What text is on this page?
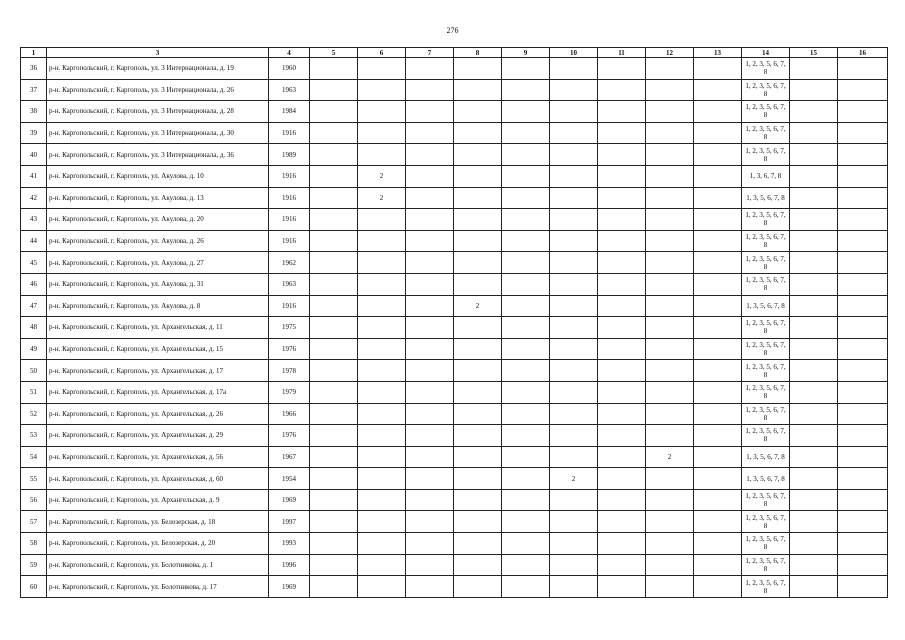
276
1	3	4	5	6	7	8	9	10	11	12	13	14	15	16
36	р-н. Каргопольский, г. Каргополь, ул. 3 Интернационала, д. 19	1960										1, 2, 3, 5, 6, 7, 8		
37	р-н. Каргопольский, г. Каргополь, ул. 3 Интернационала, д. 26	1963										1, 2, 3, 5, 6, 7, 8		
38	р-н. Каргопольский, г. Каргополь, ул. 3 Интернационала, д. 28	1984										1, 2, 3, 5, 6, 7, 8		
39	р-н. Каргопольский, г. Каргополь, ул. 3 Интернационала, д. 30	1916										1, 2, 3, 5, 6, 7, 8		
40	р-н. Каргопольский, г. Каргополь, ул. 3 Интернационала, д. 36	1989										1, 2, 3, 5, 6, 7, 8		
41	р-н. Каргопольский, г. Каргополь, ул. Акулова, д. 10	1916		2								1, 3, 6, 7, 8		
42	р-н. Каргопольский, г. Каргополь, ул. Акулова, д. 13	1916		2								1, 3, 5, 6, 7, 8		
43	р-н. Каргопольский, г. Каргополь, ул. Акулова, д. 20	1916										1, 2, 3, 5, 6, 7, 8		
44	р-н. Каргопольский, г. Каргополь, ул. Акулова, д. 26	1916										1, 2, 3, 5, 6, 7, 8		
45	р-н. Каргопольский, г. Каргополь, ул. Акулова, д. 27	1962										1, 2, 3, 5, 6, 7, 8		
46	р-н. Каргопольский, г. Каргополь, ул. Акулова, д. 31	1963										1, 2, 3, 5, 6, 7, 8		
47	р-н. Каргопольский, г. Каргополь, ул. Акулова, д. 8	1916				2						1, 3, 5, 6, 7, 8		
48	р-н. Каргопольский, г. Каргополь, ул. Архангельская, д. 11	1975										1, 2, 3, 5, 6, 7, 8		
49	р-н. Каргопольский, г. Каргополь, ул. Архангельская, д. 15	1976										1, 2, 3, 5, 6, 7, 8		
50	р-н. Каргопольский, г. Каргополь, ул. Архангельская, д. 17	1978										1, 2, 3, 5, 6, 7, 8		
51	р-н. Каргопольский, г. Каргополь, ул. Архангельская, д. 17а	1979										1, 2, 3, 5, 6, 7, 8		
52	р-н. Каргопольский, г. Каргополь, ул. Архангельская, д. 26	1966										1, 2, 3, 5, 6, 7, 8		
53	р-н. Каргопольский, г. Каргополь, ул. Архангельская, д. 29	1976										1, 2, 3, 5, 6, 7, 8		
54	р-н. Каргопольский, г. Каргополь, ул. Архангельская, д. 56	1967								2		1, 3, 5, 6, 7, 8		
55	р-н. Каргопольский, г. Каргополь, ул. Архангельская, д. 60	1954						2				1, 3, 5, 6, 7, 8		
56	р-н. Каргопольский, г. Каргополь, ул. Архангельская, д. 9	1969										1, 2, 3, 5, 6, 7, 8		
57	р-н. Каргопольский, г. Каргополь, ул. Белозерская, д. 18	1997										1, 2, 3, 5, 6, 7, 8		
58	р-н. Каргопольский, г. Каргополь, ул. Белозерская, д. 20	1993										1, 2, 3, 5, 6, 7, 8		
59	р-н. Каргопольский, г. Каргополь, ул. Болотникова, д. 1	1996										1, 2, 3, 5, 6, 7, 8		
60	р-н. Каргопольский, г. Каргополь, ул. Болотникова, д. 17	1969										1, 2, 3, 5, 6, 7, 8		
